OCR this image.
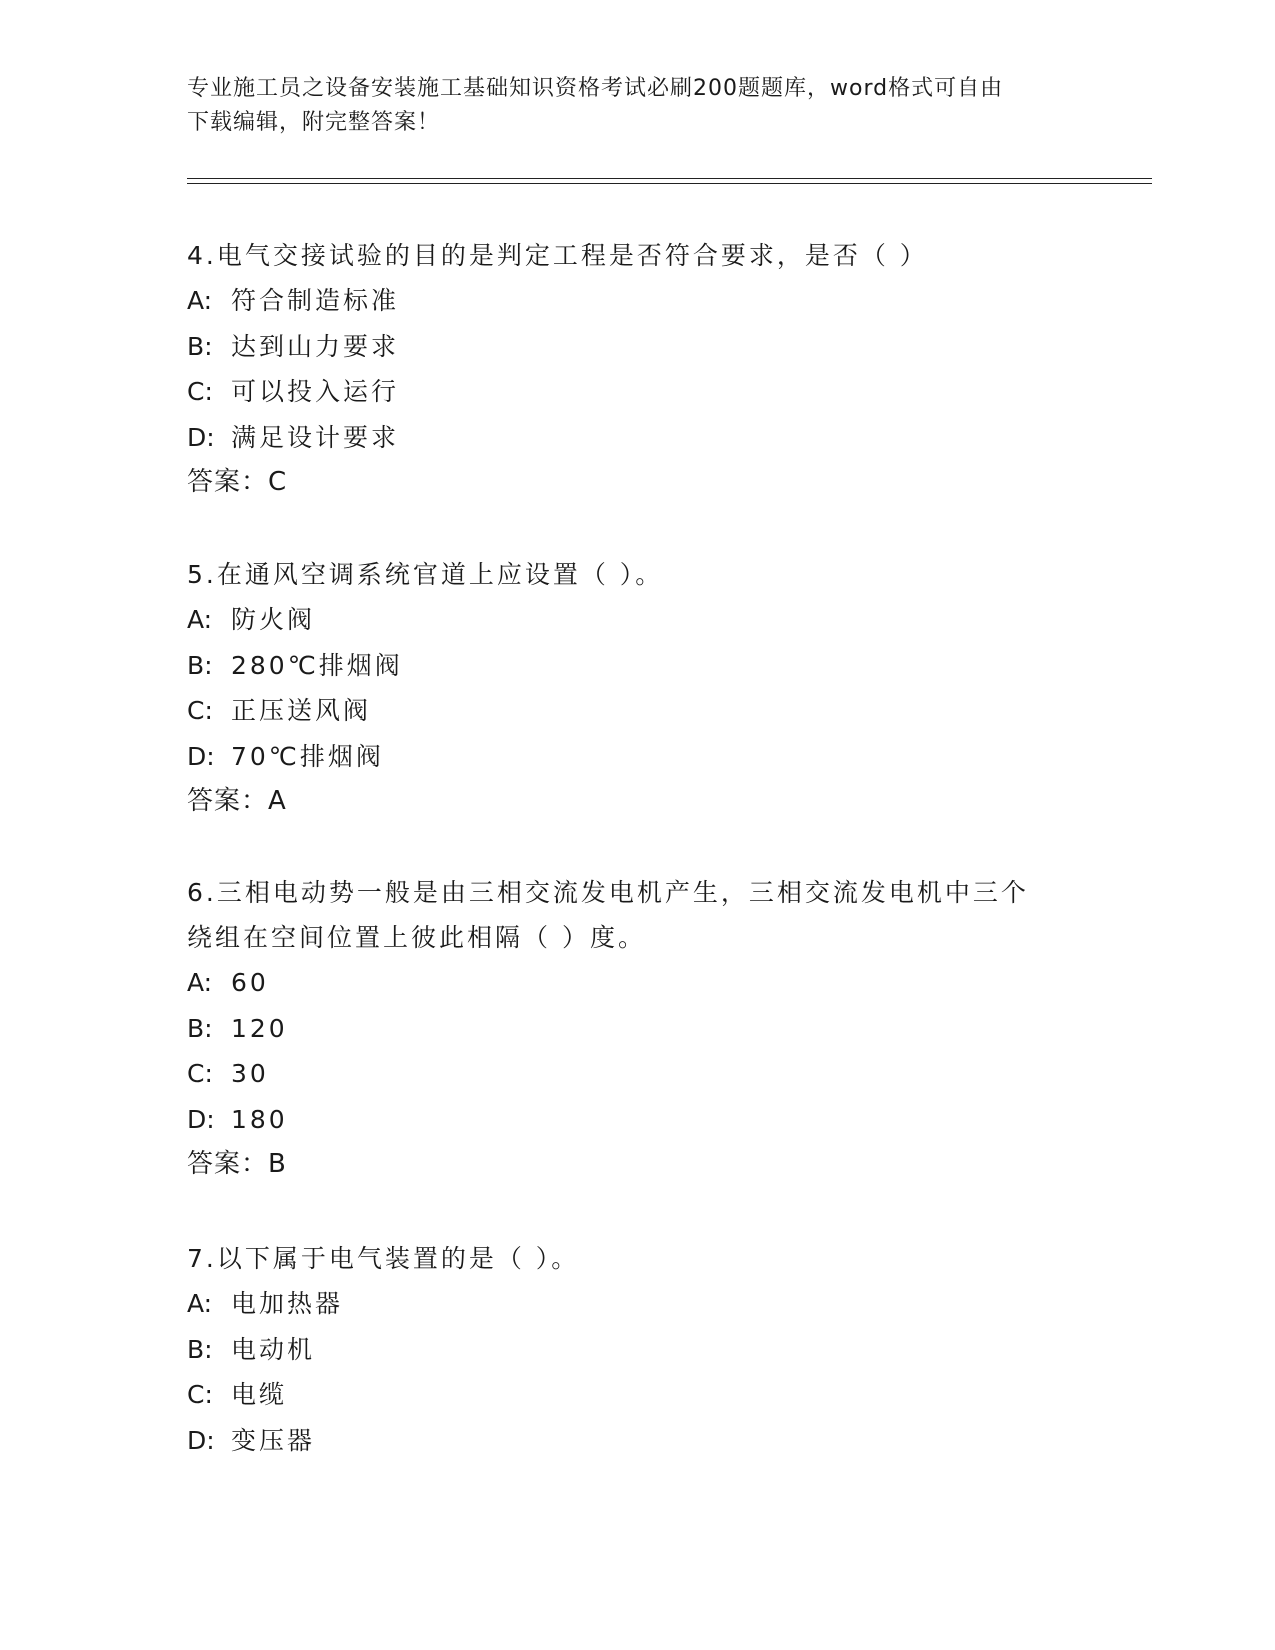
专业施工员之设备安装施工基础知识资格考试必刷200题题库，word格式可自由
下载编辑，附完整答案！

4.电气交接试验的目的是判定工程是否符合要求，是否（ ）

A: 符合制造标准
B: 达到山力要求
C: 可以投入运行
D: 满足设计要求
答案：C

5.在通风空调系统官道上应设置（ ）。

A: 防火阀
B: 280℃排烟阀
C: 正压送风阀
D: 70℃排烟阀
答案：A

6.三相电动势一般是由三相交流发电机产生，三相交流发电机中三个

绕组在空间位置上彼此相隔（ ）度。

A: 60
B: 120
C: 30
D: 180
答案：B

7.以下属于电气装置的是（ ）。

A: 电加热器
B: 电动机
C: 电缆
D: 变压器
